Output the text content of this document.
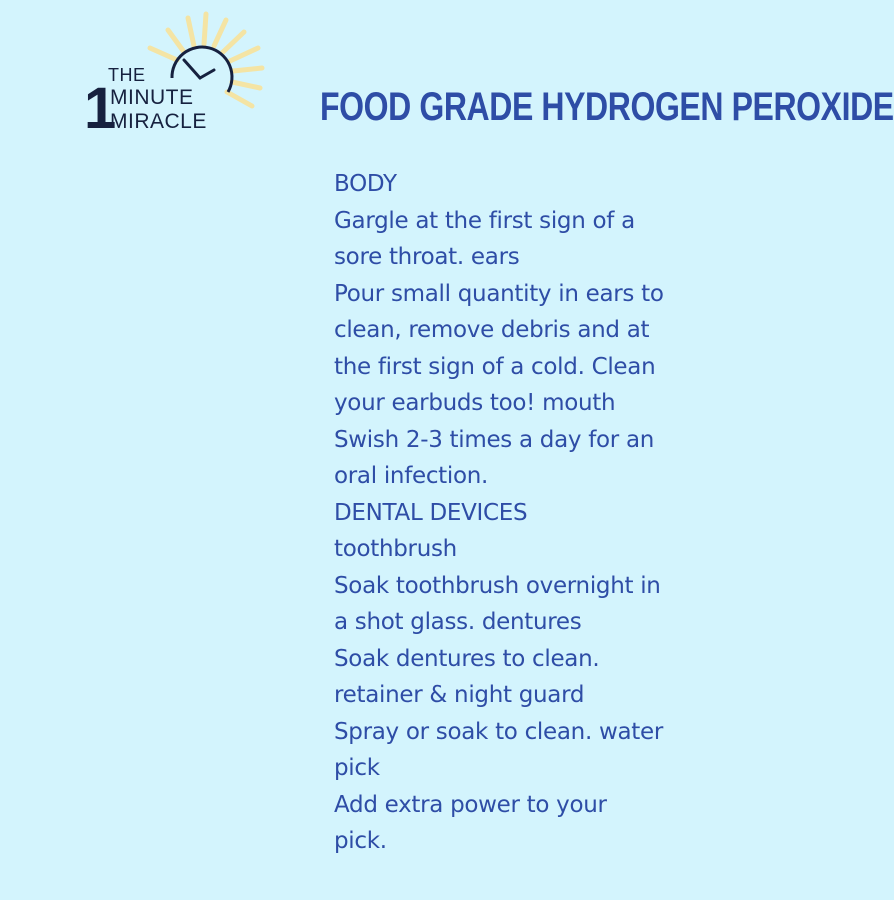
THE
1
MINUTE
MIRACLE	FOOD GRADE HYDROGEN PEROXIDE
BODY
Gargle at the first sign of a
sore throat. ears
Pour small quantity in ears to
clean, remove debris and at
the first sign of a cold. Clean
your earbuds too! mouth
Swish 2-3 times a day for an
oral infection.
DENTAL DEVICES
toothbrush
Soak toothbrush overnight in
a shot glass. dentures
Soak dentures to clean.
retainer & night guard
Spray or soak to clean. water
pick
Add extra power to your
pick.
